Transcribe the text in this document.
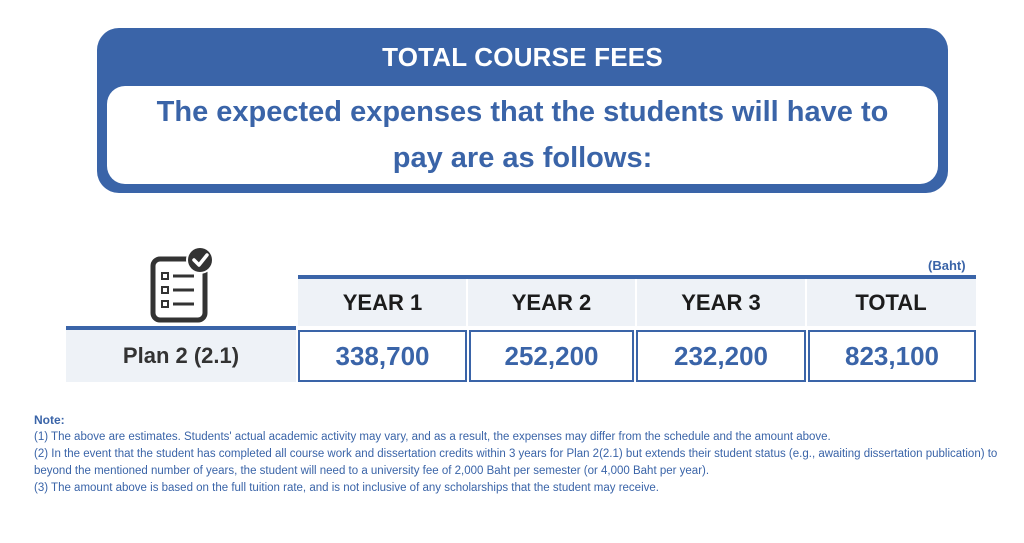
TOTAL COURSE FEES
The expected expenses that the students will have to pay are as follows:
(Baht)
YEAR 1	YEAR 2	YEAR 3	TOTAL
Plan 2 (2.1)	338,700	252,200	232,200	823,100

Note:

(1) The above are estimates. Students' actual academic activity may vary, and as a result, the expenses may differ from the schedule and the amount above.

(2) In the event that the student has completed all course work and dissertation credits within 3 years for Plan 2(2.1) but extends their student status (e.g., awaiting dissertation publication) to beyond the mentioned number of years, the student will need to a university fee of 2,000 Baht per semester (or 4,000 Baht per year).

(3) The amount above is based on the full tuition rate, and is not inclusive of any scholarships that the student may receive.
